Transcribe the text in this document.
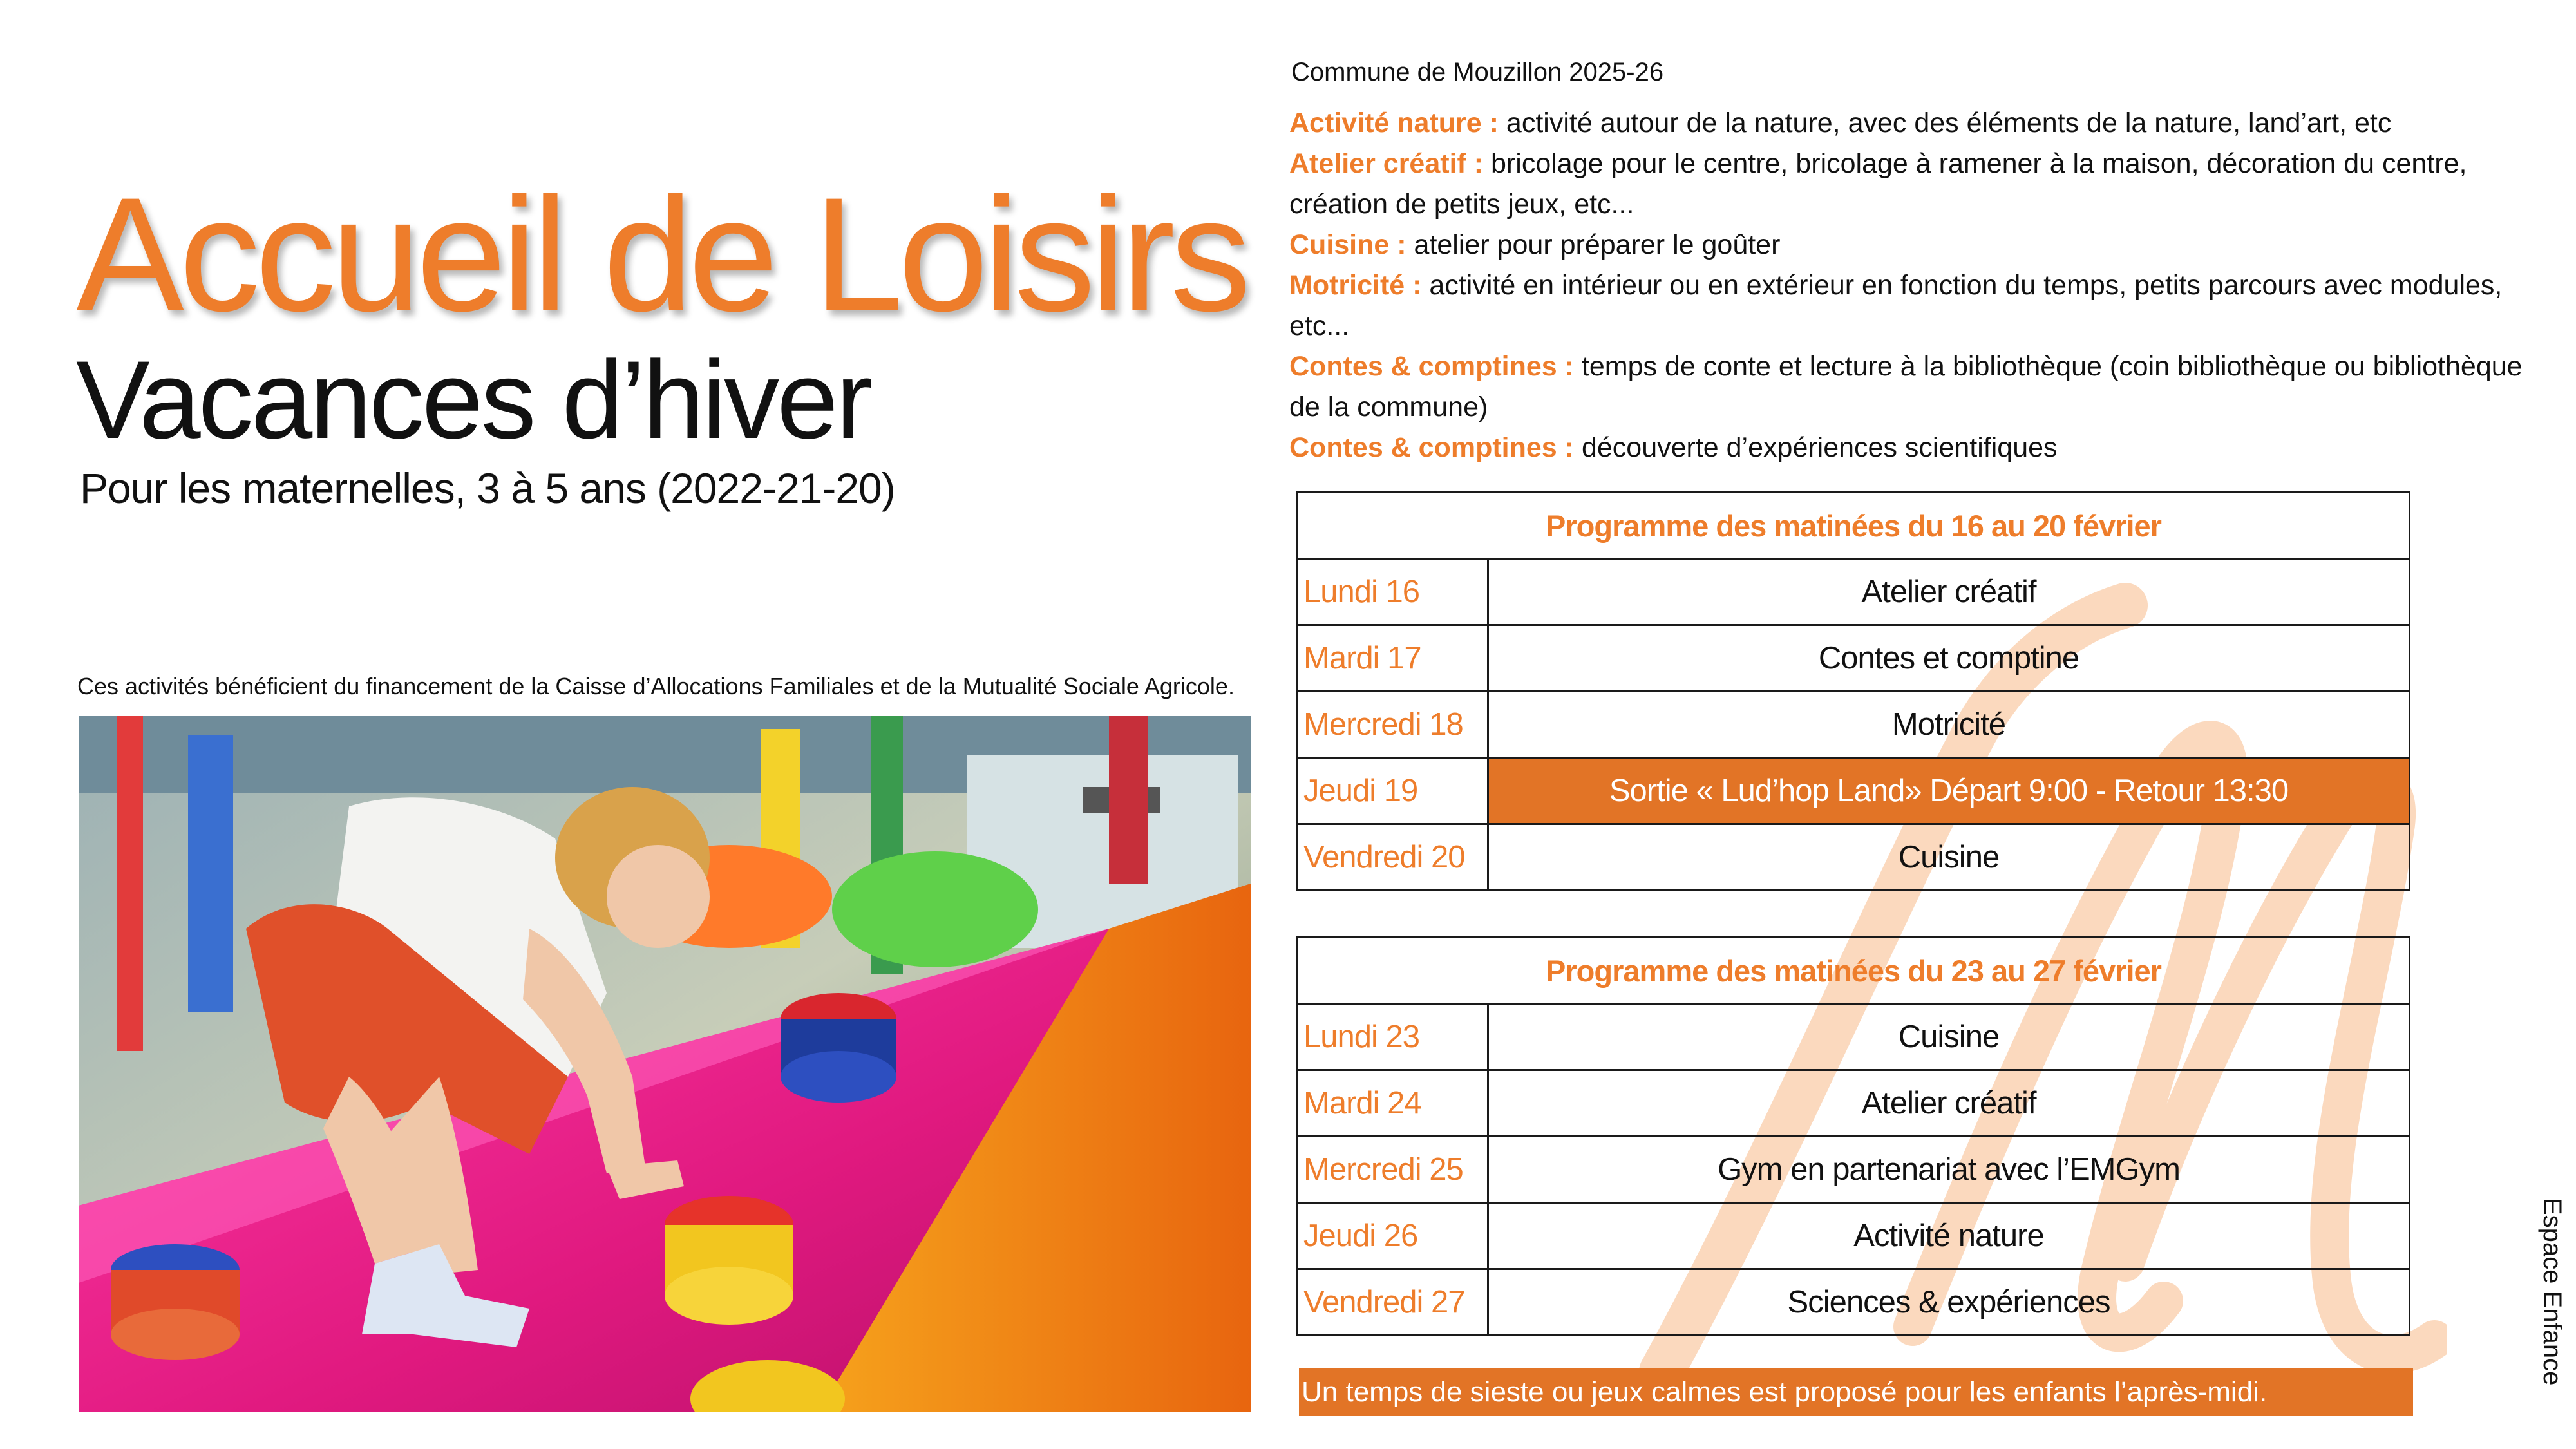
Accueil de Loisirs
Vacances d’hiver
Pour les maternelles, 3 à 5 ans (2022-21-20)
Ces activités bénéficient du financement de la Caisse d’Allocations Familiales et de la Mutualité Sociale Agricole.
Commune de Mouzillon 2025-26
Activité nature : activité autour de la nature, avec des éléments de la nature, land’art, etc
Atelier créatif : bricolage pour le centre, bricolage à ramener à la maison, décoration du centre, création de petits jeux, etc...
Cuisine : atelier pour préparer le goûter
Motricité : activité en intérieur ou en extérieur en fonction du temps, petits parcours avec modules, etc...
Contes & comptines : temps de conte et lecture à la bibliothèque (coin bibliothèque ou bibliothèque de la commune)
Contes & comptines : découverte d’expériences scientifiques
Programme des matinées du 16 au 20 février	
Lundi 16	Atelier créatif
Mardi 17	Contes et comptine
Mercredi 18	Motricité
Jeudi 19	Sortie « Lud’hop Land» Départ 9:00 - Retour 13:30
Vendredi 20	Cuisine
Programme des matinées du 23 au 27 février	
Lundi 23	Cuisine
Mardi 24	Atelier créatif
Mercredi 25	Gym en partenariat avec l’EMGym
Jeudi 26	Activité nature
Vendredi 27	Sciences & expériences
Un temps de sieste ou jeux calmes est proposé pour les enfants l’après-midi.
Espace Enfance
